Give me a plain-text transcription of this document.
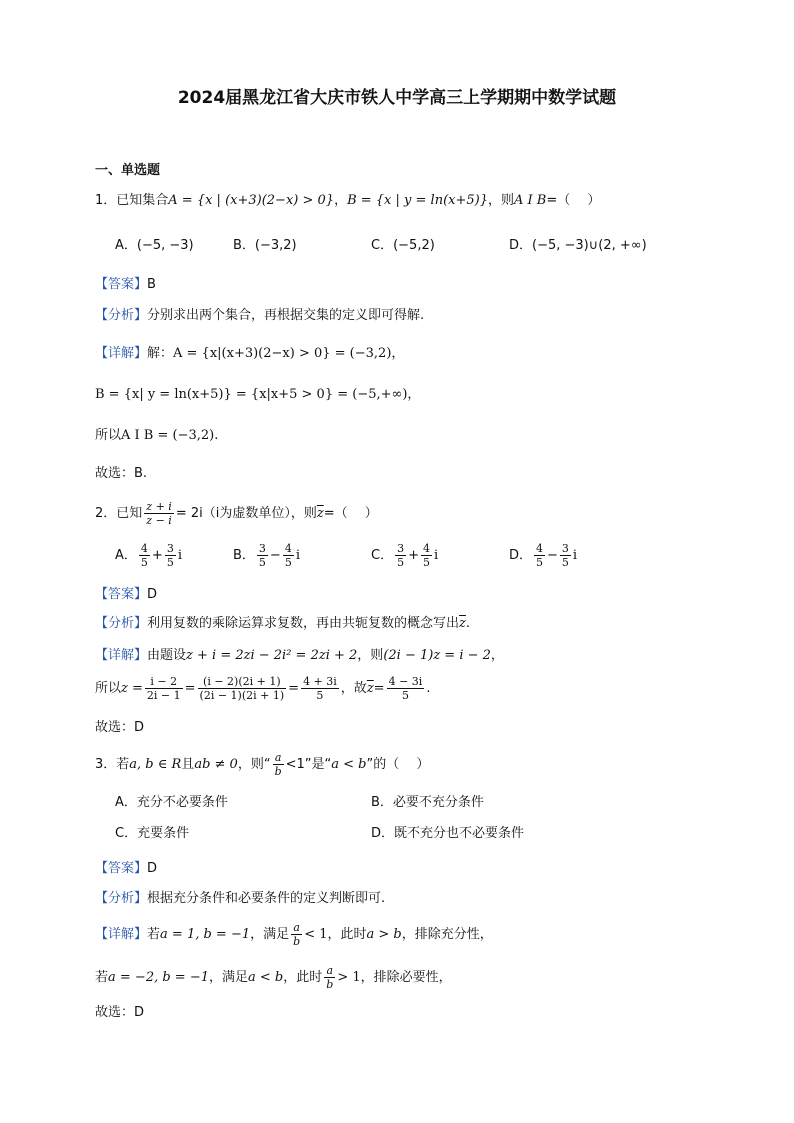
2024届黑龙江省大庆市铁人中学高三上学期期中数学试题
一、单选题
1．已知集合A = {x | (x+3)(2−x) > 0}，B = {x | y = ln(x+5)}，则A I B=（　 ）
A．(−5, −3)	B．(−3,2)	C．(−5,2)	D．(−5, −3)∪(2, +∞)
【答案】B
【分析】分别求出两个集合，再根据交集的定义即可得解.
【详解】解：A = {x|(x+3)(2−x) > 0} = (−3,2)，
B = {x| y = ln(x+5)} = {x|x+5 > 0} = (−5,+∞)，
所以A I B = (−3,2).
故选：B.
2．已知 $\frac{z + i}{z - i} = 2i(i$为虚数单位），则$\overline{z}=$（　 ）
A． $\frac{4}{5} + \frac{3}{5}$ i	B． $\frac{3}{5} - \frac{4}{5}$ i	C． $\frac{3}{5} + \frac{4}{5}$ i	D． $\frac{4}{5} - \frac{3}{5}$ i
【答案】D
【分析】利用复数的乘除运算求复数，再由共轭复数的概念写出$\overline{z}$.
【详解】由题设z + i = 2zi − 2i² = 2zi + 2，则(2i − 1)z = i − 2，
所以$z = \frac{i - 2}{2i - 1} = \frac{(i - 2)(2i + 1)}{(2i - 1)(2i + 1)} = \frac{4 + 3i}{5}$ ，故$\overline{z}= \frac{4 - 3i}{5}$ .
故选：D
3．若a, b ∈ R且ab ≠ 0，则“ $\frac{a}{b} <1$”是“a < b”的（　 ）
A．充分不必要条件	B．必要不充分条件
C．充要条件	D．既不充分也不必要条件
【答案】D
【分析】根据充分条件和必要条件的定义判断即可.
【详解】若a = 1, b = −1，满足 $\frac{a}{b} < 1$，此时a > b，排除充分性，
若a = −2, b = −1，满足a < b，此时 $\frac{a}{b} > 1$，排除必要性，
故选：D
